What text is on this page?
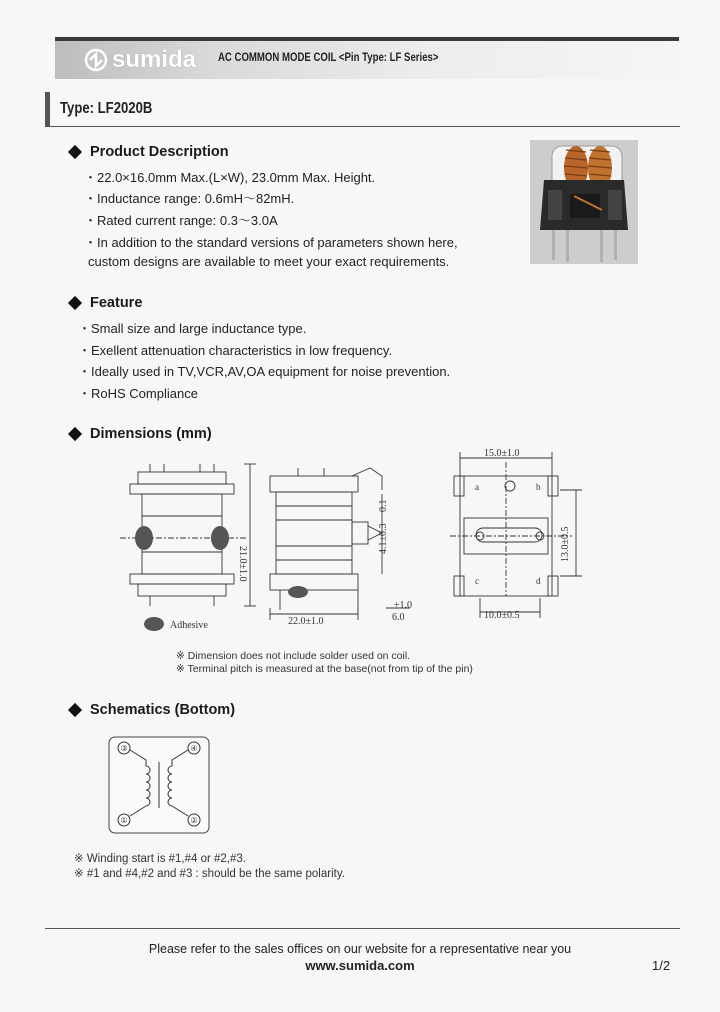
sumida AC COMMON MODE COIL <Pin Type: LF Series>
Type: LF2020B
Product Description
・22.0×16.0mm Max.(L×W), 23.0mm Max. Height.
・Inductance range: 0.6mH～82mH.
・Rated current range: 0.3～3.0A
・In addition to the standard versions of parameters shown here,
custom designs are available to meet your exact requirements.
Feature
・Small size and large inductance type.
・Exellent attenuation characteristics in low frequency.
・Ideally used in TV,VCR,AV,OA equipment for noise prevention.
・RoHS Compliance
Dimensions (mm)
21.0±1.0
22.0±1.0
4.1±0.3
0.1
±1.0
6.0
15.0±1.0
13.0±0.5
10.0±0.5
Adhesive
a	b
c	d
※ Dimension does not include solder used on coil.
※ Terminal pitch is measured at the base(not from tip of the pin)
Schematics (Bottom)
③	④
①	②
※ Winding start is #1,#4 or #2,#3.
※ #1 and #4,#2 and #3 : should be the same polarity.
Please refer to the sales offices on our website for a representative near you
www.sumida.com	1/2
